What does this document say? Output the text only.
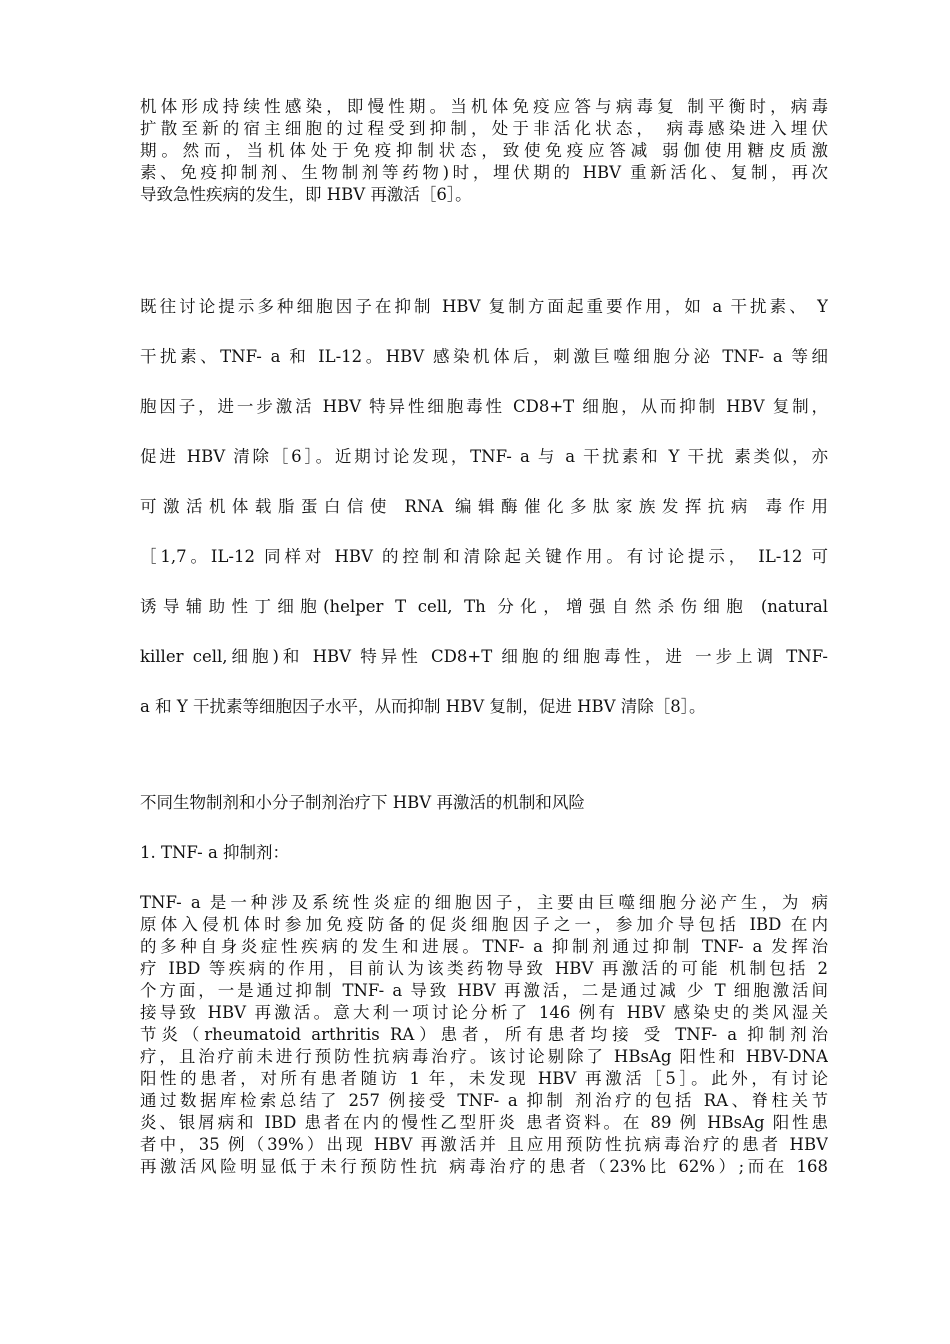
机体形成持续性感染，即慢性期。当机体免疫应答与病毒复 制平衡时，病毒
扩散至新的宿主细胞的过程受到抑制，处于非活化状态， 病毒感染进入埋伏
期。然而，当机体处于免疫抑制状态，致使免疫应答减 弱伽使用糖皮质激
素、免疫抑制剂、生物制剂等药物)时，埋伏期的 HBV 重新活化、复制，再次
导致急性疾病的发生，即 HBV 再激活［6］。

既往讨论提示多种细胞因子在抑制 HBV 复制方面起重要作用，如 a 干扰素、 Y
干扰素、TNF- a 和 IL-12。HBV 感染机体后，刺激巨噬细胞分泌 TNF- a 等细
胞因子，进一步激活 HBV 特异性细胞毒性 CD8+T 细胞，从而抑制 HBV 复制，
促进 HBV 清除［6］。近期讨论发现，TNF- a 与 a 干扰素和 Y 干扰 素类似，亦
可激活机体载脂蛋白信使 RNA 编辑酶催化多肽家族发挥抗病 毒作用
［1,7。IL-12 同样对 HBV 的控制和清除起关键作用。有讨论提示， IL-12 可
诱导辅助性丁细胞(helper T cell, Th 分化，增强自然杀伤细胞 (natural
killer cell,细胞)和 HBV 特异性 CD8+T 细胞的细胞毒性，进 一步上调 TNF-
a 和 Y 干扰素等细胞因子水平，从而抑制 HBV 复制，促进 HBV 清除［8］。

不同生物制剂和小分子制剂治疗下 HBV 再激活的机制和风险

1. TNF- a 抑制剂：

TNF- a 是一种涉及系统性炎症的细胞因子，主要由巨噬细胞分泌产生，为 病
原体入侵机体时参加免疫防备的促炎细胞因子之一，参加介导包括 IBD 在内
的多种自身炎症性疾病的发生和进展。TNF- a 抑制剂通过抑制 TNF- a 发挥治
疗 IBD 等疾病的作用，目前认为该类药物导致 HBV 再激活的可能 机制包括 2
个方面，一是通过抑制 TNF- a 导致 HBV 再激活，二是通过减 少 T 细胞激活间
接导致 HBV 再激活。意大利一项讨论分析了 146 例有 HBV 感染史的类风湿关
节炎（rheumatoid arthritis RA）患者，所有患者均接 受 TNF- a 抑制剂治
疗，且治疗前未进行预防性抗病毒治疗。该讨论剔除了 HBsAg 阳性和 HBV-DNA
阳性的患者，对所有患者随访 1 年，未发现 HBV 再激活［5］。此外，有讨论
通过数据库检索总结了 257 例接受 TNF- a 抑制 剂治疗的包括 RA、脊柱关节
炎、银屑病和 IBD 患者在内的慢性乙型肝炎 患者资料。在 89 例 HBsAg 阳性患
者中，35 例（39%）出现 HBV 再激活并 且应用预防性抗病毒治疗的患者 HBV
再激活风险明显低于未行预防性抗 病毒治疗的患者（23%比 62%）;而在 168
